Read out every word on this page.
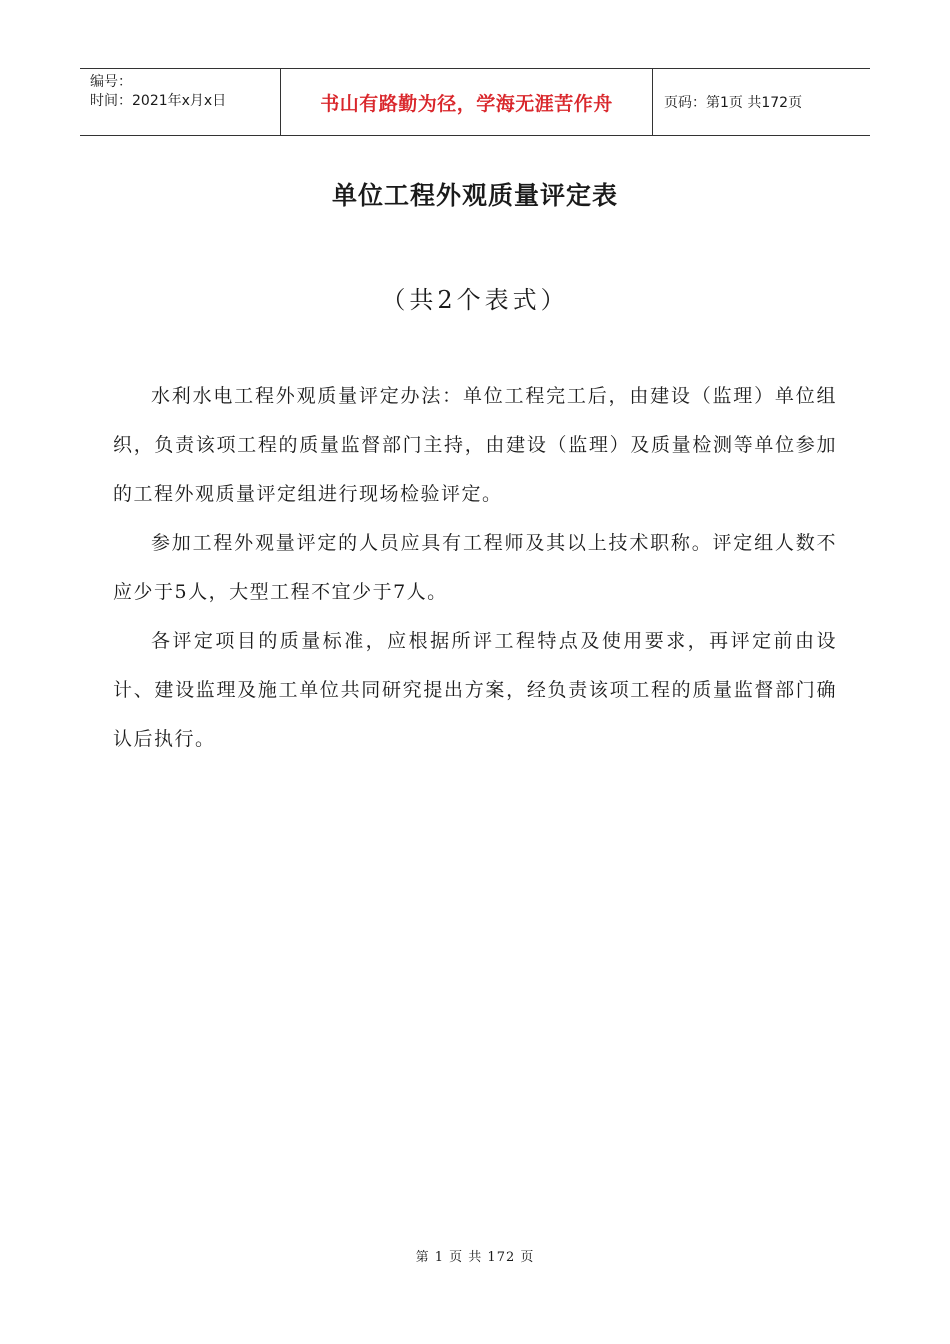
编号：
时间：2021年x月x日	书山有路勤为径，学海无涯苦作舟	页码：第1页 共172页
单位工程外观质量评定表
（共2个表式）

水利水电工程外观质量评定办法：单位工程完工后，由建设（监理）单位组织，负责该项工程的质量监督部门主持，由建设（监理）及质量检测等单位参加的工程外观质量评定组进行现场检验评定。

参加工程外观量评定的人员应具有工程师及其以上技术职称。评定组人数不应少于5人，大型工程不宜少于7人。

各评定项目的质量标准，应根据所评工程特点及使用要求，再评定前由设计、建设监理及施工单位共同研究提出方案，经负责该项工程的质量监督部门确认后执行。

第 1 页 共 172 页
